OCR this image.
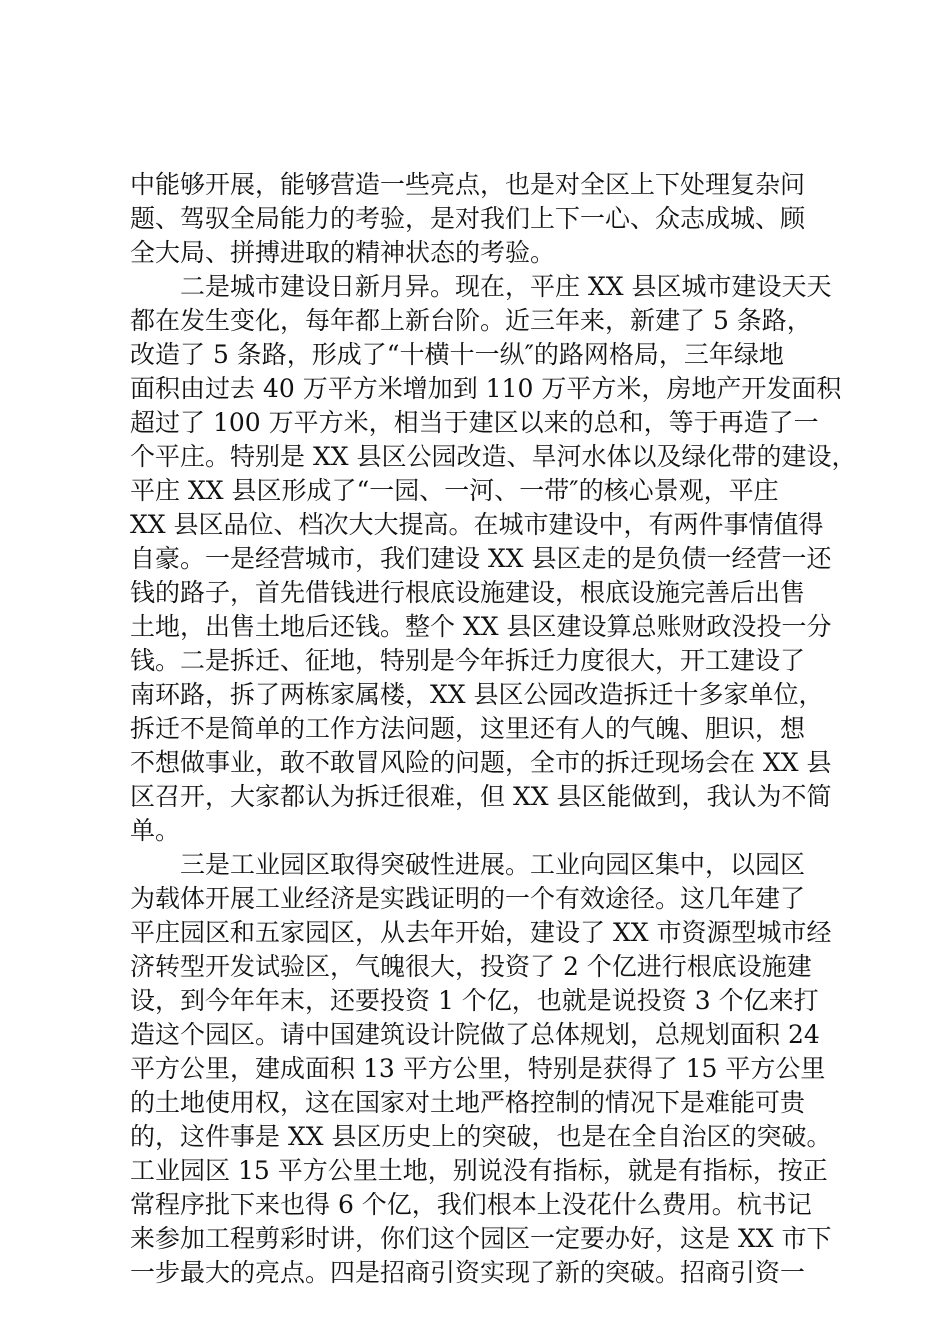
中能够开展，能够营造一些亮点，也是对全区上下处理复杂问
题、驾驭全局能力的考验，是对我们上下一心、众志成城、顾
全大局、拼搏进取的精神状态的考验。
　　二是城市建设日新月异。现在，平庄 XX 县区城市建设天天
都在发生变化，每年都上新台阶。近三年来，新建了 5 条路，
改造了 5 条路，形成了“十横十一纵″的路网格局，三年绿地
面积由过去 40 万平方米增加到 110 万平方米，房地产开发面积
超过了 100 万平方米，相当于建区以来的总和，等于再造了一
个平庄。特别是 XX 县区公园改造、旱河水体以及绿化带的建设，
平庄 XX 县区形成了“一园、一河、一带″的核心景观，平庄
XX 县区品位、档次大大提高。在城市建设中，有两件事情值得
自豪。一是经营城市，我们建设 XX 县区走的是负债一经营一还
钱的路子，首先借钱进行根底设施建设，根底设施完善后出售
土地，出售土地后还钱。整个 XX 县区建设算总账财政没投一分
钱。二是拆迁、征地，特别是今年拆迁力度很大，开工建设了
南环路，拆了两栋家属楼，XX 县区公园改造拆迁十多家单位，
拆迁不是简单的工作方法问题，这里还有人的气魄、胆识，想
不想做事业，敢不敢冒风险的问题，全市的拆迁现场会在 XX 县
区召开，大家都认为拆迁很难，但 XX 县区能做到，我认为不简
单。
　　三是工业园区取得突破性进展。工业向园区集中，以园区
为载体开展工业经济是实践证明的一个有效途径。这几年建了
平庄园区和五家园区，从去年开始，建设了 XX 市资源型城市经
济转型开发试验区，气魄很大，投资了 2 个亿进行根底设施建
设，到今年年末，还要投资 1 个亿，也就是说投资 3 个亿来打
造这个园区。请中国建筑设计院做了总体规划，总规划面积 24
平方公里，建成面积 13 平方公里，特别是获得了 15 平方公里
的土地使用权，这在国家对土地严格控制的情况下是难能可贵
的，这件事是 XX 县区历史上的突破，也是在全自治区的突破。
工业园区 15 平方公里土地，别说没有指标，就是有指标，按正
常程序批下来也得 6 个亿，我们根本上没花什么费用。杭书记
来参加工程剪彩时讲，你们这个园区一定要办好，这是 XX 市下
一步最大的亮点。四是招商引资实现了新的突破。招商引资一
